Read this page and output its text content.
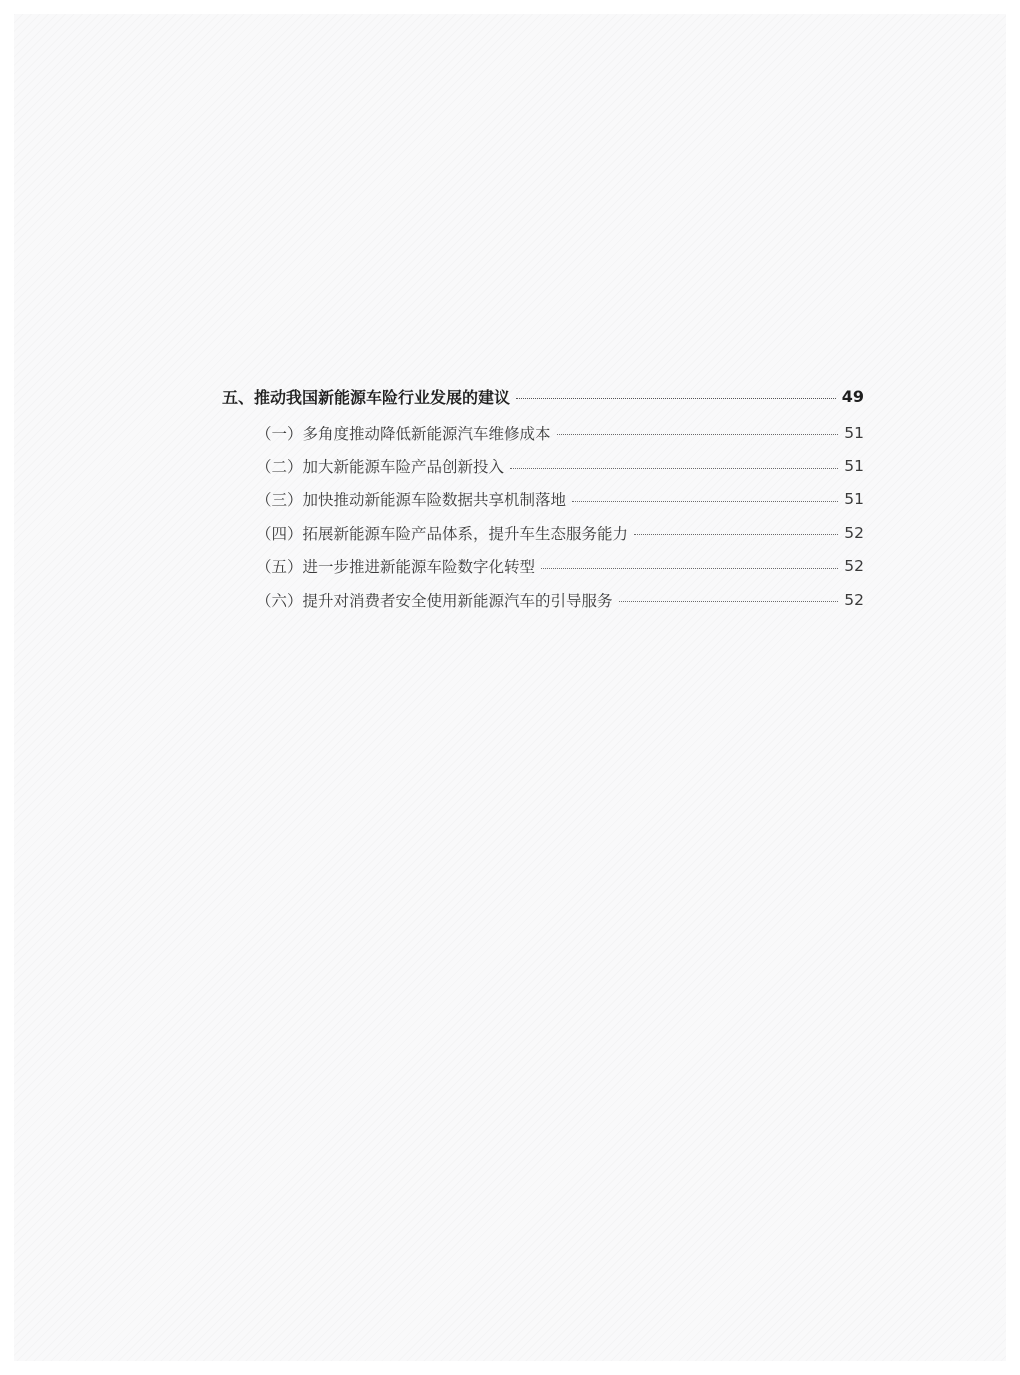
五、推动我国新能源车险行业发展的建议	49
（一）多角度推动降低新能源汽车维修成本	51
（二）加大新能源车险产品创新投入	51
（三）加快推动新能源车险数据共享机制落地	51
（四）拓展新能源车险产品体系，提升车生态服务能力	52
（五）进一步推进新能源车险数字化转型	52
（六）提升对消费者安全使用新能源汽车的引导服务	52
